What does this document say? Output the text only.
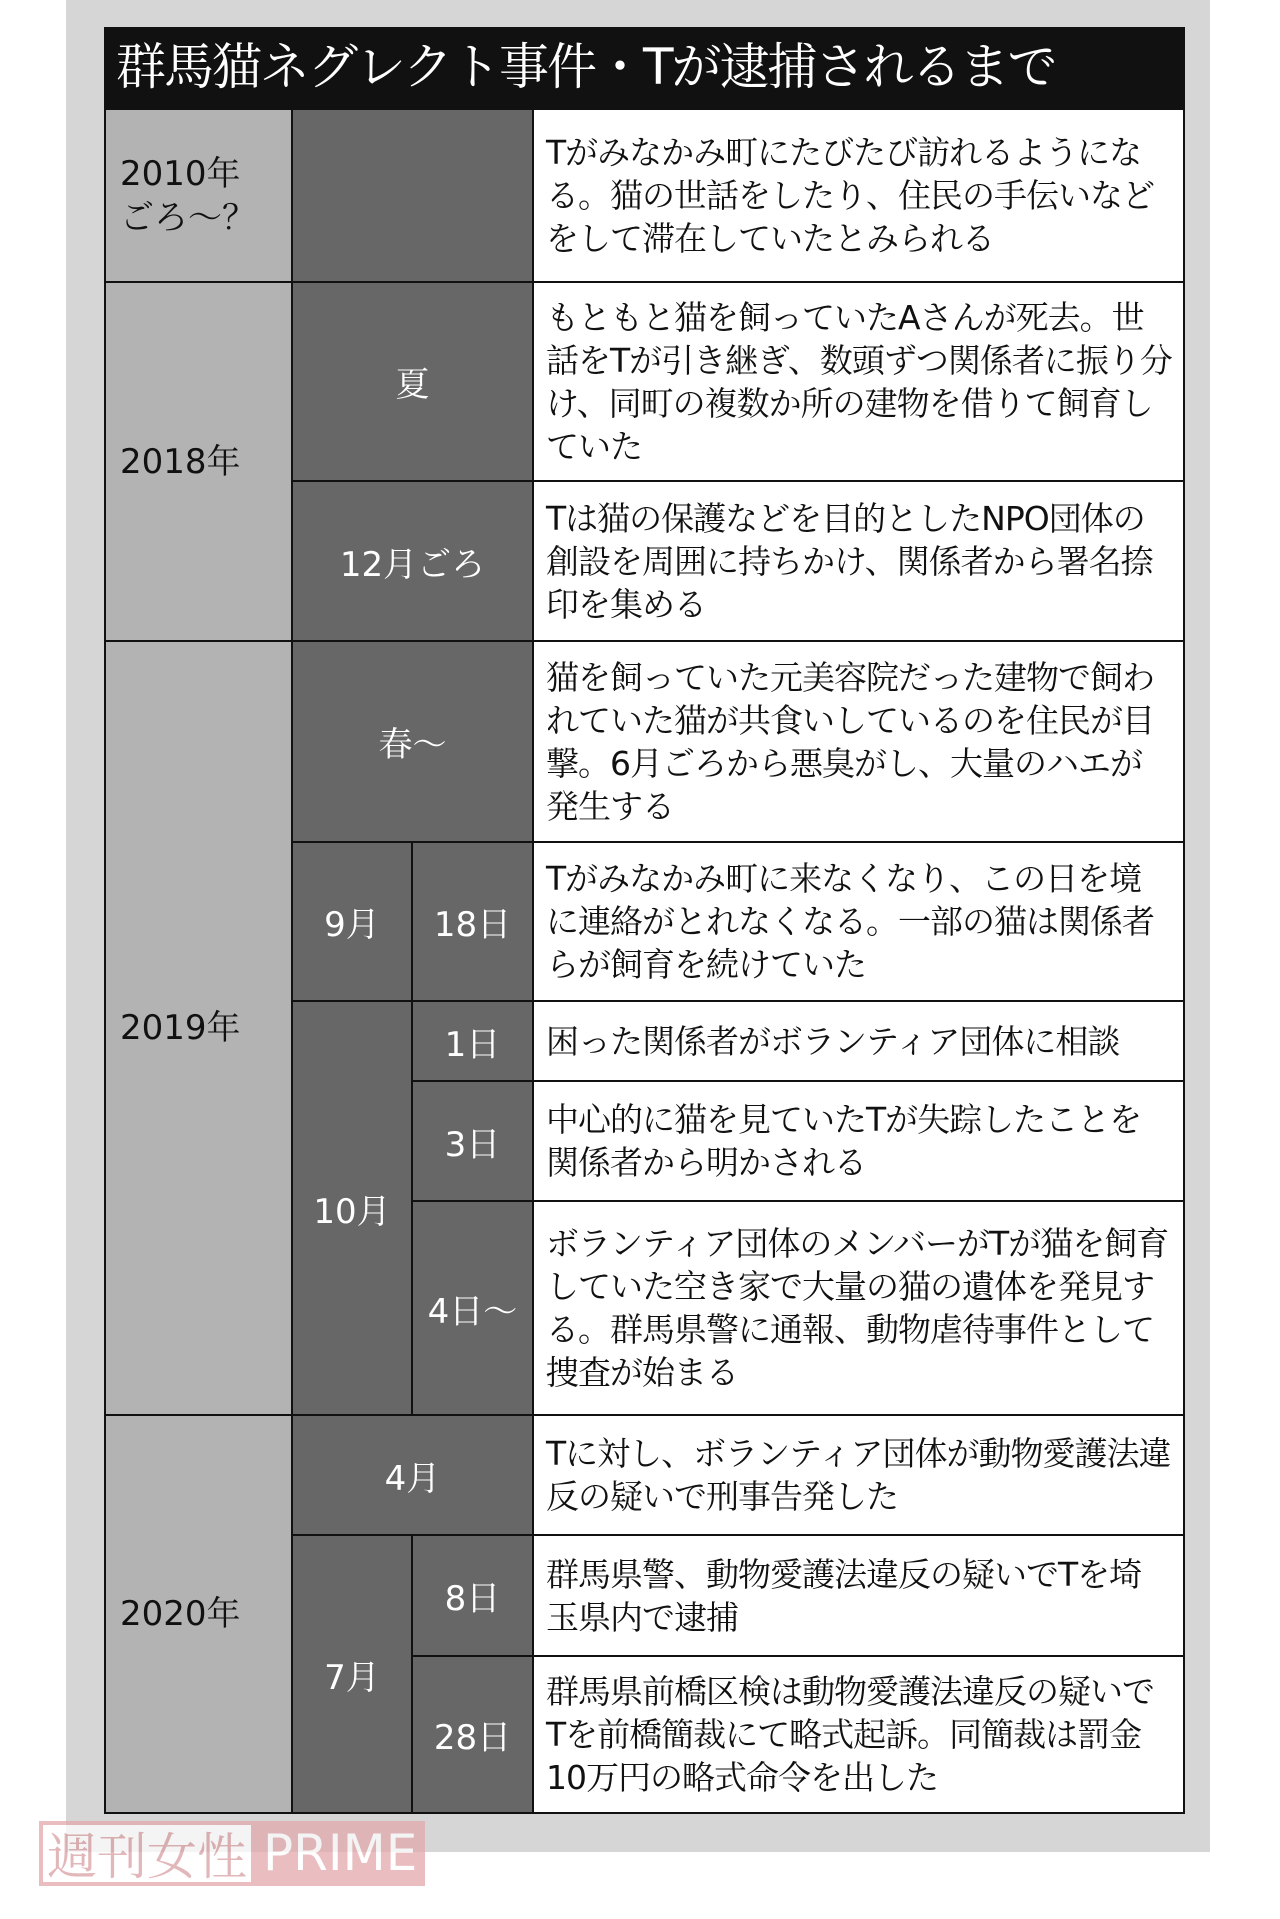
群馬猫ネグレクト事件・Tが逮捕されるまで
2010年
ごろ～？
2018年
2019年
2020年
夏
12月ごろ
春～
9月	18日
10月
1日
3日
4日～
4月
7月
8日
28日
Tがみなかみ町にたびたび訪れるようになる。猫の世話をしたり、住民の手伝いなどをして滞在していたとみられる
もともと猫を飼っていたAさんが死去。世話をTが引き継ぎ、数頭ずつ関係者に振り分け、同町の複数か所の建物を借りて飼育していた
Tは猫の保護などを目的としたNPO団体の創設を周囲に持ちかけ、関係者から署名捺印を集める
猫を飼っていた元美容院だった建物で飼われていた猫が共食いしているのを住民が目撃。6月ごろから悪臭がし、大量のハエが発生する
Tがみなかみ町に来なくなり、この日を境に連絡がとれなくなる。一部の猫は関係者らが飼育を続けていた
困った関係者がボランティア団体に相談
中心的に猫を見ていたTが失踪したことを関係者から明かされる
ボランティア団体のメンバーがTが猫を飼育していた空き家で大量の猫の遺体を発見する。群馬県警に通報、動物虐待事件として捜査が始まる
Tに対し、ボランティア団体が動物愛護法違反の疑いで刑事告発した
群馬県警、動物愛護法違反の疑いでTを埼玉県内で逮捕
群馬県前橋区検は動物愛護法違反の疑いでTを前橋簡裁にて略式起訴。同簡裁は罰金10万円の略式命令を出した
週刊女性 PRIME
